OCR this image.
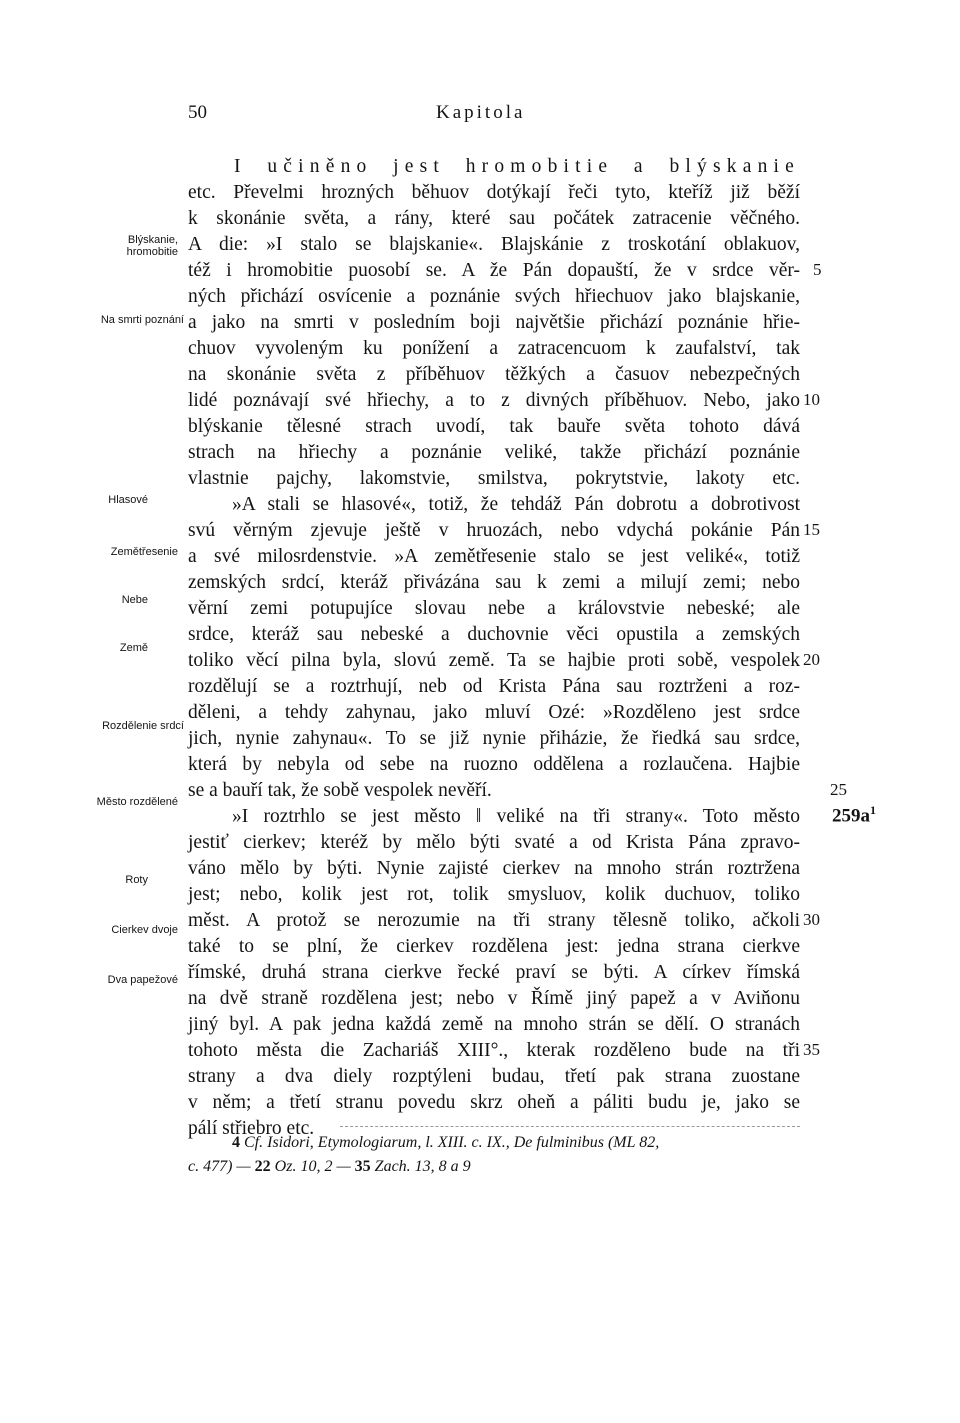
50	Kapitola
I učiněno jest hromobitie a blýskanie
etc. Převelmi hrozných běhuov dotýkají řeči tyto, kteříž již běží
k skonánie světa, a rány, které sau počátek zatracenie věčného.
A die: »I stalo se blajskanie«. Blajskánie z troskotání oblakuov,
též i hromobitie puosobí se. A že Pán dopauští, že v srdce věr-
ných přichází osvícenie a poznánie svých hřiechuov jako blajskanie,
a jako na smrti v posledním boji najvětšie přichází poznánie hřie-
chuov vyvoleným ku ponížení a zatracencuom k zaufalství, tak
na skonánie světa z příběhuov těžkých a časuov nebezpečných
lidé poznávají své hřiechy, a to z divných příběhuov. Nebo, jako
blýskanie tělesné strach uvodí, tak bauře světa tohoto dává
strach na hřiechy a poznánie veliké, takže přichází poznánie
vlastnie pajchy, lakomstvie, smilstva, pokrytstvie, lakoty etc.
»A stali se hlasové«, totiž, že tehdáž Pán dobrotu a dobrotivost
svú věrným zjevuje ještě v hruozách, nebo vdychá pokánie Pán
a své milosrdenstvie. »A zemětřesenie stalo se jest veliké«, totiž
zemských srdcí, kteráž přivázána sau k zemi a milují zemi; nebo
věrní zemi potupujíce slovau nebe a královstvie nebeské; ale
srdce, kteráž sau nebeské a duchovnie věci opustila a zemských
toliko věcí pilna byla, slovú země. Ta se hajbie proti sobě, vespolek
rozdělují se a roztrhují, neb od Krista Pána sau roztrženi a roz-
děleni, a tehdy zahynau, jako mluví Ozé: »Rozděleno jest srdce
jich, nynie zahynau«. To se již nynie přiházie, že řiedká sau srdce,
která by nebyla od sebe na ruozno oddělena a rozlaučena. Hajbie
se a bauří tak, že sobě vespolek nevěří.
»I roztrhlo se jest město ‖ veliké na tři strany«. Toto město
jestiť cierkev; kteréž by mělo býti svaté a od Krista Pána zpravo-
váno mělo by býti. Nynie zajisté cierkev na mnoho strán roztržena
jest; nebo, kolik jest rot, tolik smysluov, kolik duchuov, toliko
měst. A protož se nerozumie na tři strany tělesně toliko, ačkoli
také to se plní, že cierkev rozdělena jest: jedna strana cierkve
římské, druhá strana cierkve řecké praví se býti. A církev římská
na dvě straně rozdělena jest; nebo v Římě jiný papež a v Aviňonu
jiný byl. A pak jedna každá země na mnoho strán se dělí. O stranách
tohoto města die Zachariáš XIII°., kterak rozděleno bude na tři
strany a dva diely rozptýleni budau, třetí pak strana zuostane
v něm; a třetí stranu povedu skrz oheň a páliti budu je, jako se
pálí střiebro etc.
Blýskanie,
hromobitie
Na smrti poznání
Hlasové
Zemětřesenie
Nebe
Země
Rozdělenie srdcí
Město rozdělené
Roty
Cierkev dvoje
Dva papežové
5
10
15
20
25
30
35
$259a^1$
4 Cf. Isidori, Etymologiarum, l. XIII. c. IX., De fulminibus (ML 82,
c. 477) — 22 Oz. 10, 2 — 35 Zach. 13, 8 a 9
